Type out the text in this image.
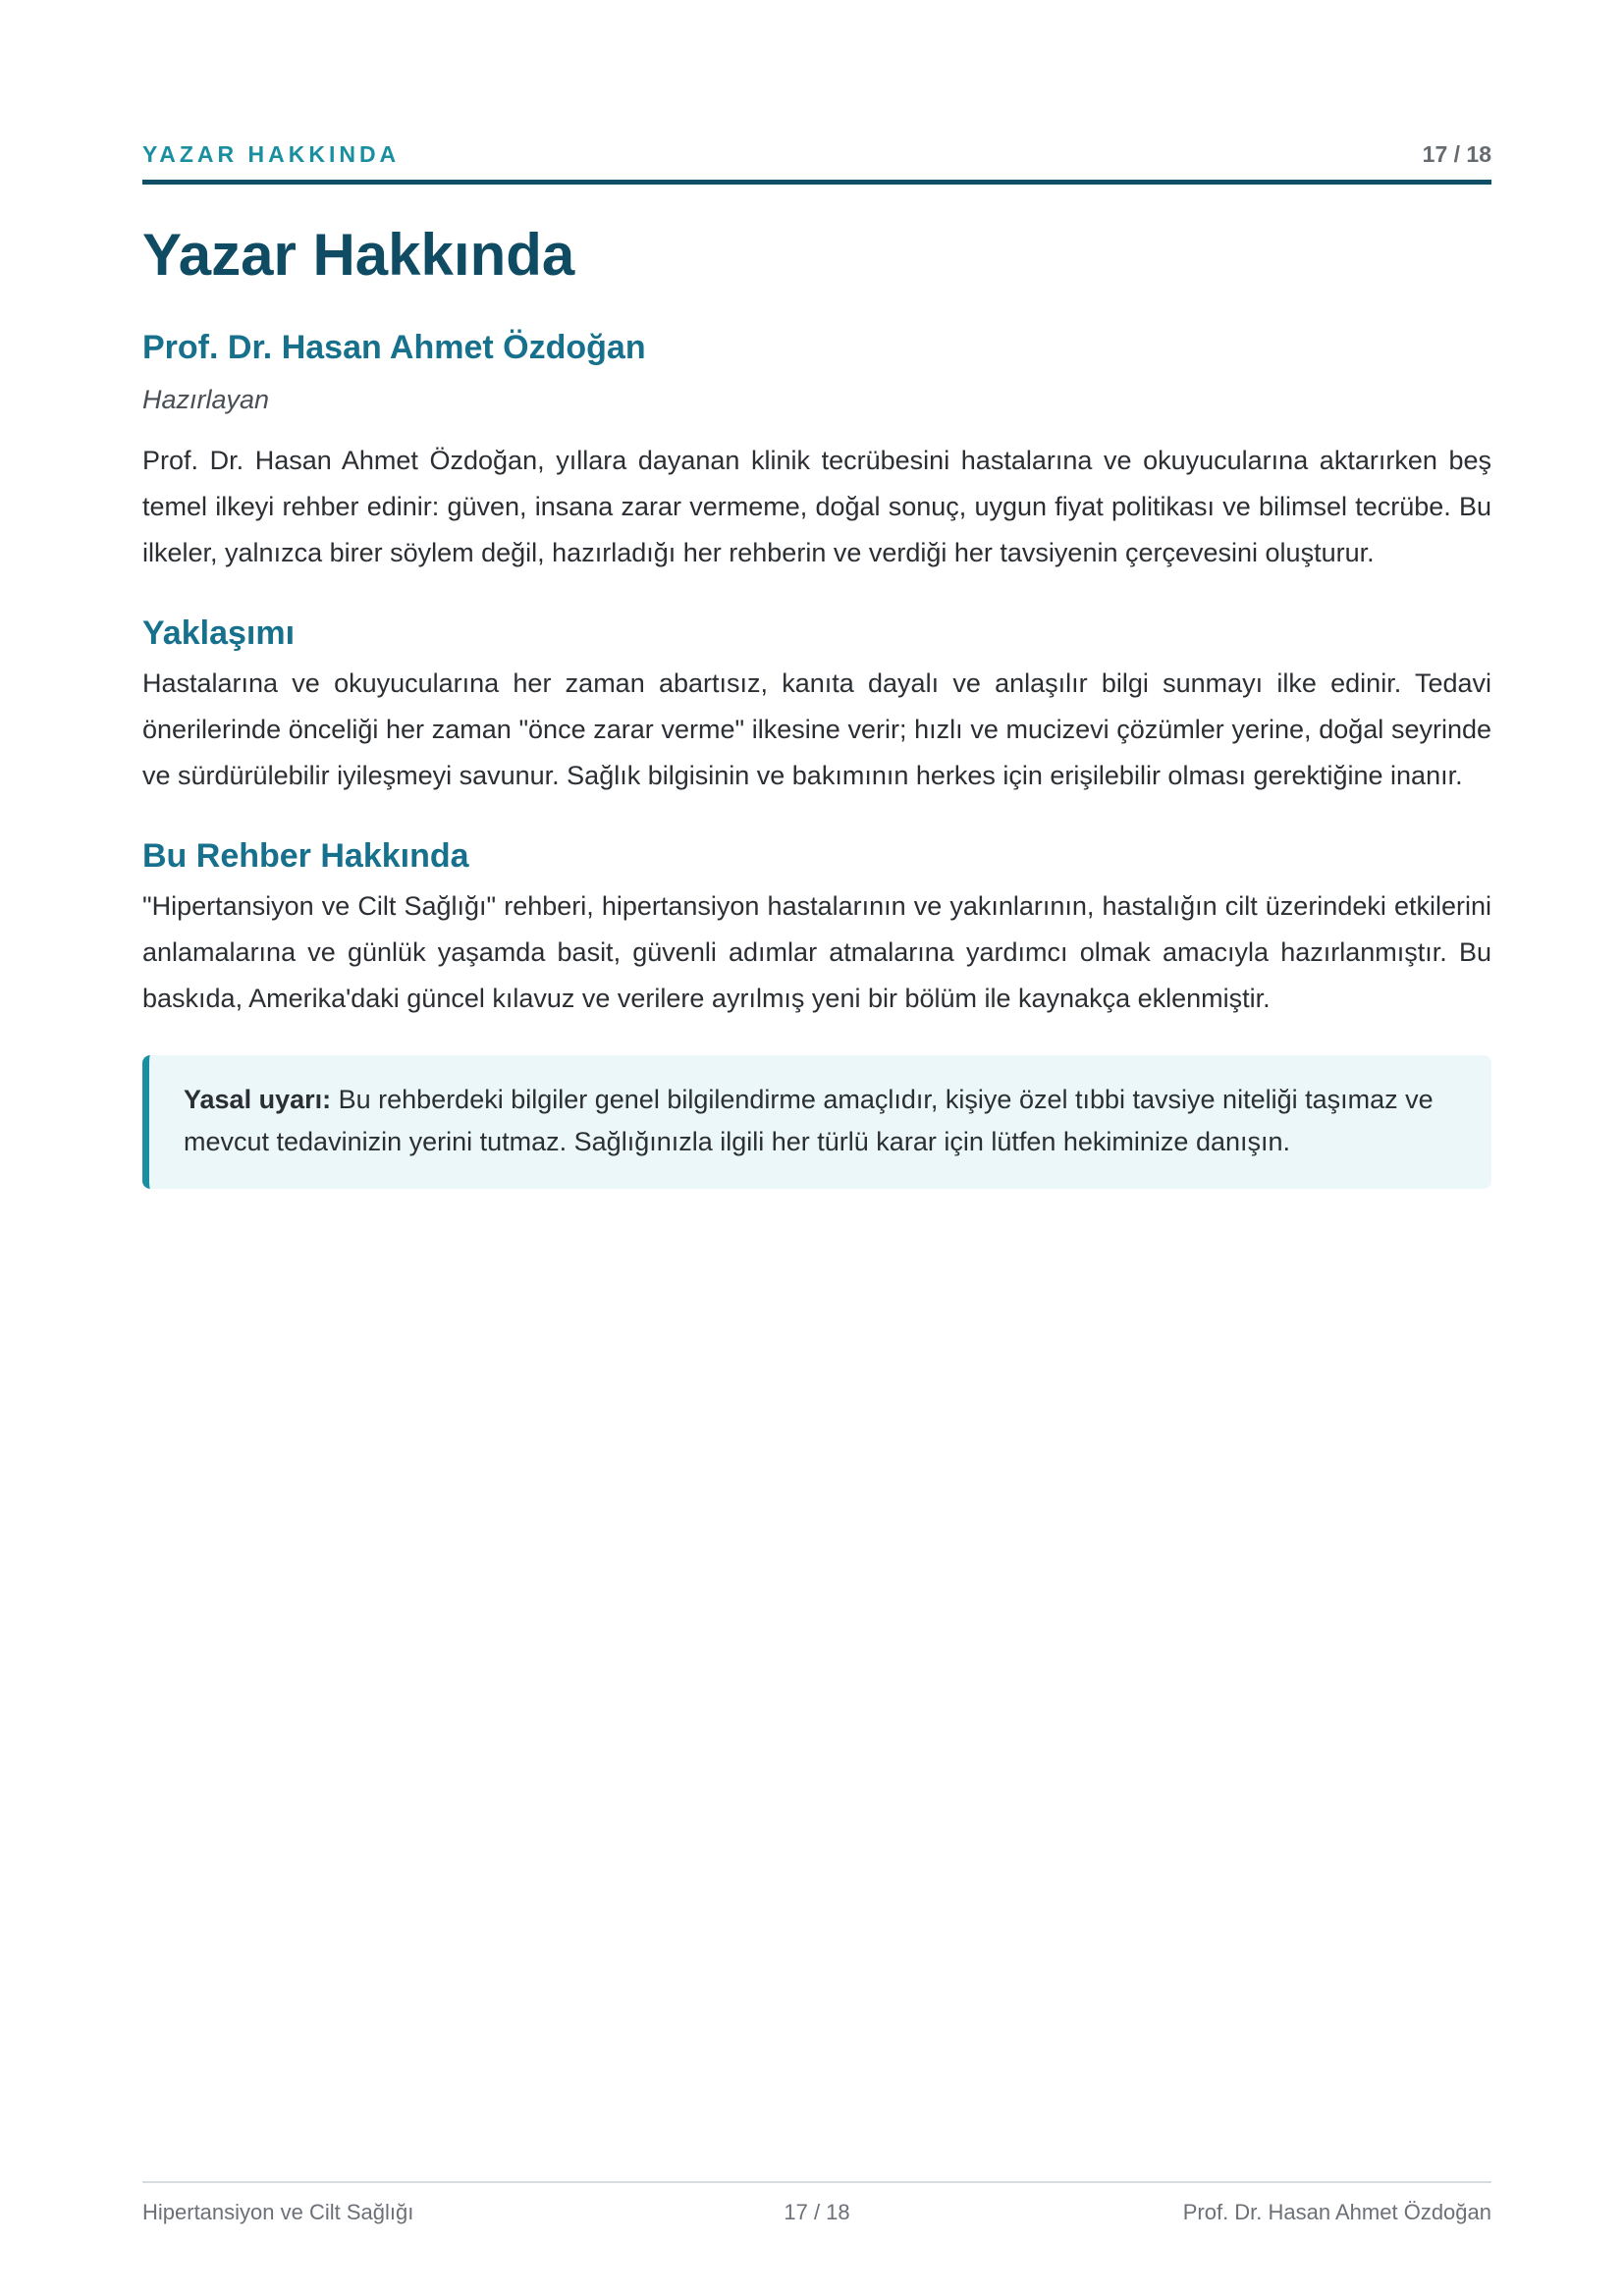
YAZAR HAKKINDA	17 / 18
Yazar Hakkında
Prof. Dr. Hasan Ahmet Özdoğan
Hazırlayan

Prof. Dr. Hasan Ahmet Özdoğan, yıllara dayanan klinik tecrübesini hastalarına ve okuyucularına aktarırken beş temel ilkeyi rehber edinir: güven, insana zarar vermeme, doğal sonuç, uygun fiyat politikası ve bilimsel tecrübe. Bu ilkeler, yalnızca birer söylem değil, hazırladığı her rehberin ve verdiği her tavsiyenin çerçevesini oluşturur.

Yaklaşımı

Hastalarına ve okuyucularına her zaman abartısız, kanıta dayalı ve anlaşılır bilgi sunmayı ilke edinir. Tedavi önerilerinde önceliği her zaman "önce zarar verme" ilkesine verir; hızlı ve mucizevi çözümler yerine, doğal seyrinde ve sürdürülebilir iyileşmeyi savunur. Sağlık bilgisinin ve bakımının herkes için erişilebilir olması gerektiğine inanır.

Bu Rehber Hakkında

"Hipertansiyon ve Cilt Sağlığı" rehberi, hipertansiyon hastalarının ve yakınlarının, hastalığın cilt üzerindeki etkilerini anlamalarına ve günlük yaşamda basit, güvenli adımlar atmalarına yardımcı olmak amacıyla hazırlanmıştır. Bu baskıda, Amerika'daki güncel kılavuz ve verilere ayrılmış yeni bir bölüm ile kaynakça eklenmiştir.

Yasal uyarı: Bu rehberdeki bilgiler genel bilgilendirme amaçlıdır, kişiye özel tıbbi tavsiye niteliği taşımaz ve mevcut tedavinizin yerini tutmaz. Sağlığınızla ilgili her türlü karar için lütfen hekiminize danışın.

Hipertansiyon ve Cilt Sağlığı	17 / 18	Prof. Dr. Hasan Ahmet Özdoğan
